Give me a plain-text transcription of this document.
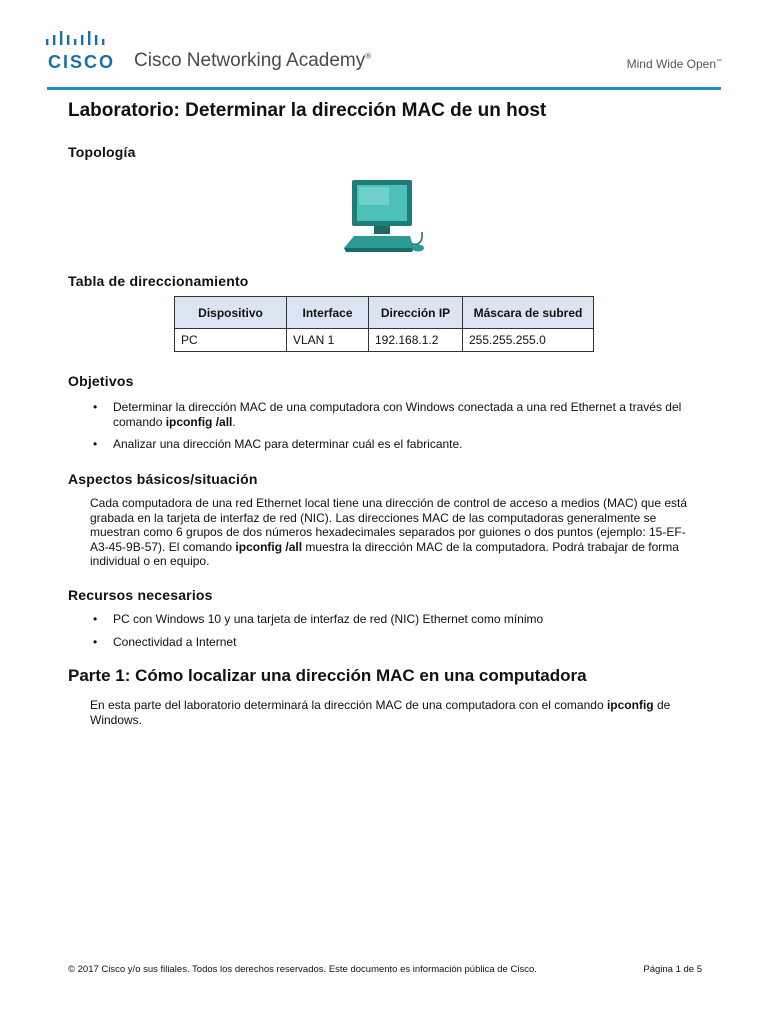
CISCO Cisco Networking Academy®
Mind Wide Open™
Laboratorio: Determinar la dirección MAC de un host
Topología
Tabla de direccionamiento
Dispositivo	Interface	Dirección IP	Máscara de subred
PC	VLAN 1	192.168.1.2	255.255.255.0
Objetivos
• Determinar la dirección MAC de una computadora con Windows conectada a una red Ethernet a través del comando ipconfig /all.
• Analizar una dirección MAC para determinar cuál es el fabricante.
Aspectos básicos/situación

Cada computadora de una red Ethernet local tiene una dirección de control de acceso a medios (MAC) que está grabada en la tarjeta de interfaz de red (NIC). Las direcciones MAC de las computadoras generalmente se muestran como 6 grupos de dos números hexadecimales separados por guiones o dos puntos (ejemplo: 15-EF-A3-45-9B-57). El comando ipconfig /all muestra la dirección MAC de la computadora. Podrá trabajar de forma individual o en equipo.

Recursos necesarios
• PC con Windows 10 y una tarjeta de interfaz de red (NIC) Ethernet como mínimo
• Conectividad a Internet
Parte 1: Cómo localizar una dirección MAC en una computadora

En esta parte del laboratorio determinará la dirección MAC de una computadora con el comando ipconfig de Windows.

© 2017 Cisco y/o sus filiales. Todos los derechos reservados. Este documento es información pública de Cisco.	Página 1 de 5
